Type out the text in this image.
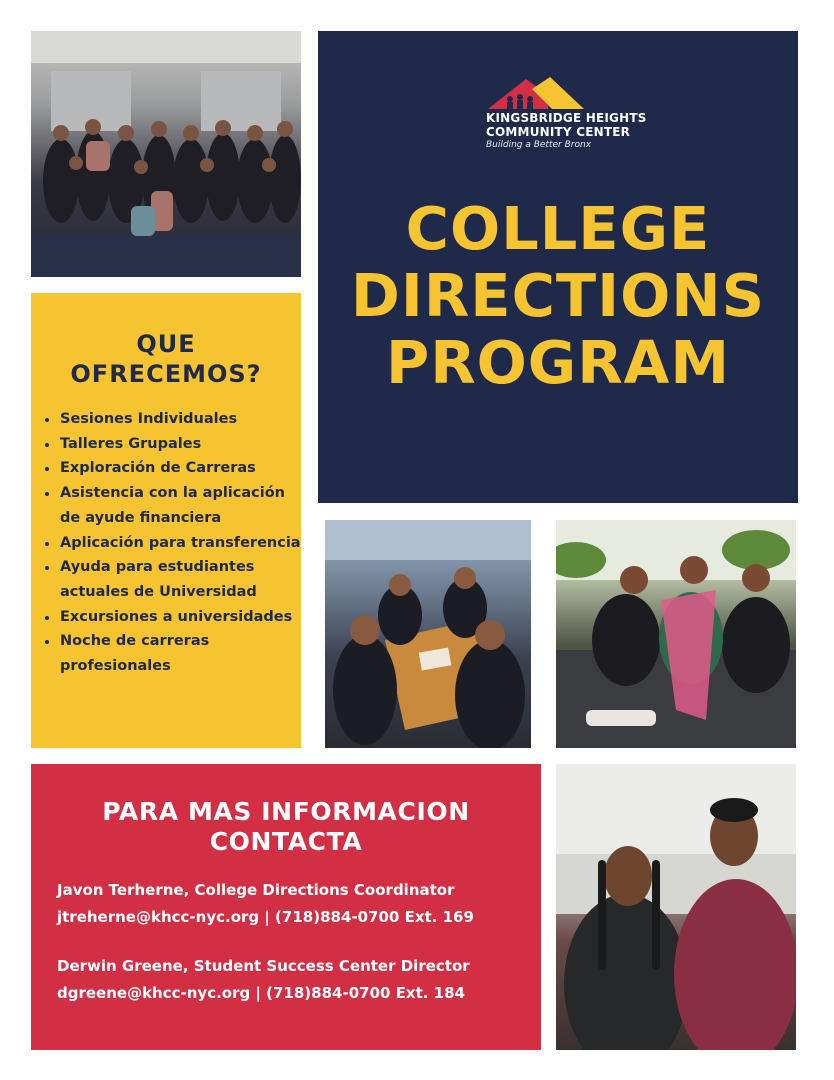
KINGSBRIDGE HEIGHTS
COMMUNITY CENTER
Building a Better Bronx
COLLEGE
DIRECTIONS
PROGRAM
QUE
OFRECEMOS?
Sesiones Individuales
Talleres Grupales
Exploración de Carreras
Asistencia con la aplicación de ayude financiera
Aplicación para transferencia
Ayuda para estudiantes actuales de Universidad
Excursiones a universidades
Noche de carreras profesionales
PARA MAS INFORMACION
CONTACTA
Javon Terherne, College Directions Coordinator
jtreherne@khcc-nyc.org | (718)884-0700 Ext. 169
Derwin Greene, Student Success Center Director
dgreene@khcc-nyc.org | (718)884-0700 Ext. 184
